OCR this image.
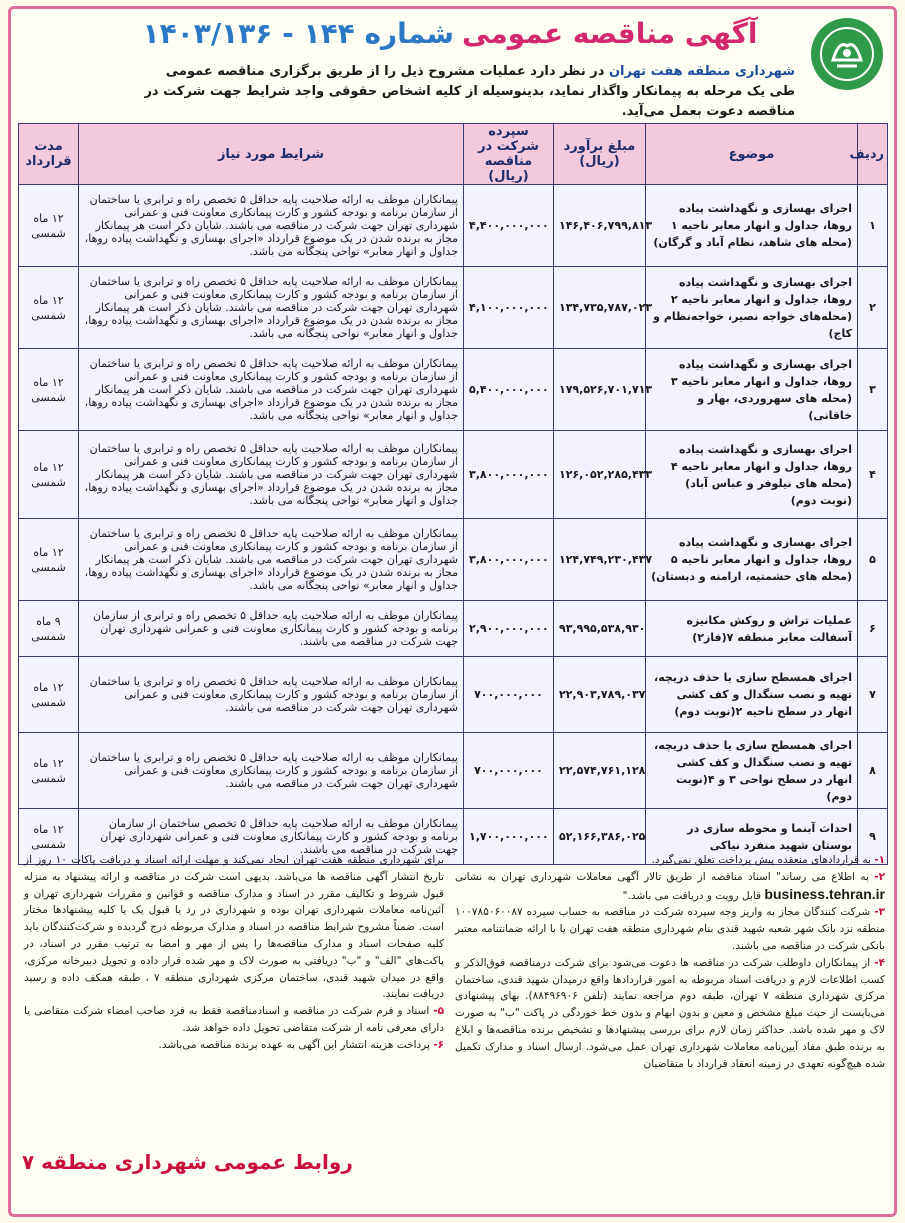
آگهی مناقصه عمومی
شماره ۱۴۴ - ۱۴۰۳/۱۳۶
شهرداری منطقه هفت تهران در نظر دارد عملیات مشروح ذیل را از طریق برگزاری مناقصه عمومی
طی یک مرحله به پیمانکار واگذار نماید، بدینوسیله از کلیه اشخاص حقوقی واجد شرایط جهت شرکت در مناقصه دعوت بعمل می‌آید.
ردیف	موضوع	مبلغ برآورد (ریال)	سپرده شرکت در مناقصه (ریال)	شرایط مورد نیاز	مدت قرارداد
۱	اجرای بهسازی و نگهداشت پیاده روها، جداول و انهار معابر ناحیه ۱ (محله های شاهد، نظام آباد و گرگان)	۱۴۶,۴۰۶,۷۹۹,۸۱۳	۴,۴۰۰,۰۰۰,۰۰۰	پیمانکاران موظف به ارائه صلاحیت پایه حداقل ۵ تخصص راه و ترابری یا ساختمان از سازمان برنامه و بودجه کشور و کارت پیمانکاری معاونت فنی و عمرانی شهرداری تهران جهت شرکت در مناقصه می باشند. شایان ذکر است هر پیمانکار مجاز به برنده شدن در یک موضوع قرارداد «اجرای بهسازی و نگهداشت پیاده روها، جداول و انهار معابر» نواحی پنجگانه می باشد.	۱۲ ماه شمسی
۲	اجرای بهسازی و نگهداشت پیاده روها، جداول و انهار معابر ناحیه ۲ (محله‌های خواجه نصیر، خواجه‌نظام و کاج)	۱۳۴,۷۳۵,۷۸۷,۰۲۳	۴,۱۰۰,۰۰۰,۰۰۰	پیمانکاران موظف به ارائه صلاحیت پایه حداقل ۵ تخصص راه و ترابری یا ساختمان از سازمان برنامه و بودجه کشور و کارت پیمانکاری معاونت فنی و عمرانی شهرداری تهران جهت شرکت در مناقصه می باشند. شایان ذکر است هر پیمانکار مجاز به برنده شدن در یک موضوع قرارداد «اجرای بهسازی و نگهداشت پیاده روها، جداول و انهار معابر» نواحی پنجگانه می باشد.	۱۲ ماه شمسی
۳	اجرای بهسازی و نگهداشت پیاده روها، جداول و انهار معابر ناحیه ۳ (محله های سهروردی، بهار و خاقانی)	۱۷۹,۵۲۶,۷۰۱,۷۱۳	۵,۴۰۰,۰۰۰,۰۰۰	پیمانکاران موظف به ارائه صلاحیت پایه حداقل ۵ تخصص راه و ترابری یا ساختمان از سازمان برنامه و بودجه کشور و کارت پیمانکاری معاونت فنی و عمرانی شهرداری تهران جهت شرکت در مناقصه می باشند. شایان ذکر است هر پیمانکار مجاز به برنده شدن در یک موضوع قرارداد «اجرای بهسازی و نگهداشت پیاده روها، جداول و انهار معابر» نواحی پنجگانه می باشد.	۱۲ ماه شمسی
۴	اجرای بهسازی و نگهداشت پیاده روها، جداول و انهار معابر ناحیه ۴ (محله های نیلوفر و عباس آباد) (نوبت دوم)	۱۲۶,۰۵۲,۲۸۵,۴۳۳	۳,۸۰۰,۰۰۰,۰۰۰	پیمانکاران موظف به ارائه صلاحیت پایه حداقل ۵ تخصص راه و ترابری یا ساختمان از سازمان برنامه و بودجه کشور و کارت پیمانکاری معاونت فنی و عمرانی شهرداری تهران جهت شرکت در مناقصه می باشند. شایان ذکر است هر پیمانکار مجاز به برنده شدن در یک موضوع قرارداد «اجرای بهسازی و نگهداشت پیاده روها، جداول و انهار معابر» نواحی پنجگانه می باشد.	۱۲ ماه شمسی
۵	اجرای بهسازی و نگهداشت پیاده روها، جداول و انهار معابر ناحیه ۵ (محله های حشمتیه، ارامنه و دبستان)	۱۲۴,۷۴۹,۲۳۰,۴۳۷	۳,۸۰۰,۰۰۰,۰۰۰	پیمانکاران موظف به ارائه صلاحیت پایه حداقل ۵ تخصص راه و ترابری یا ساختمان از سازمان برنامه و بودجه کشور و کارت پیمانکاری معاونت فنی و عمرانی شهرداری تهران جهت شرکت در مناقصه می باشند. شایان ذکر است هر پیمانکار مجاز به برنده شدن در یک موضوع قرارداد «اجرای بهسازی و نگهداشت پیاده روها، جداول و انهار معابر» نواحی پنجگانه می باشد.	۱۲ ماه شمسی
۶	عملیات تراش و روکش مکانیزه آسفالت معابر منطقه ۷(فاز۲)	۹۳,۹۹۵,۵۳۸,۹۳۰	۲,۹۰۰,۰۰۰,۰۰۰	پیمانکاران موظف به ارائه صلاحیت پایه حداقل ۵ تخصص راه و ترابری از سازمان برنامه و بودجه کشور و کارت پیمانکاری معاونت فنی و عمرانی شهرداری تهران جهت شرکت در مناقصه می باشند.	۹ ماه شمسی
۷	اجرای همسطح سازی یا حذف دریچه، تهیه و نصب سنگدال و کف کشی انهار در سطح ناحیه ۲(نوبت دوم)	۲۲,۹۰۳,۷۸۹,۰۳۷	۷۰۰,۰۰۰,۰۰۰	پیمانکاران موظف به ارائه صلاحیت پایه حداقل ۵ تخصص راه و ترابری یا ساختمان از سازمان برنامه و بودجه کشور و کارت پیمانکاری معاونت فنی و عمرانی شهرداری تهران جهت شرکت در مناقصه می باشند.	۱۲ ماه شمسی
۸	اجرای همسطح سازی یا حذف دریچه، تهیه و نصب سنگدال و کف کشی انهار در سطح نواحی ۳ و ۴(نوبت دوم)	۲۲,۵۷۴,۷۶۱,۱۲۸	۷۰۰,۰۰۰,۰۰۰	پیمانکاران موظف به ارائه صلاحیت پایه حداقل ۵ تخصص راه و ترابری یا ساختمان از سازمان برنامه و بودجه کشور و کارت پیمانکاری معاونت فنی و عمرانی شهرداری تهران جهت شرکت در مناقصه می باشند.	۱۲ ماه شمسی
۹	احداث آبنما و محوطه سازی در بوستان شهید منفرد نیاکی	۵۲,۱۶۶,۳۸۶,۰۲۵	۱,۷۰۰,۰۰۰,۰۰۰	پیمانکاران موظف به ارائه صلاحیت پایه حداقل ۵ تخصص ساختمان از سازمان برنامه و بودجه کشور و کارت پیمانکاری معاونت فنی و عمرانی شهرداری تهران جهت شرکت در مناقصه می باشند.	۱۲ ماه شمسی
۱- به قراردادهای منعقده پیش پرداخت تعلق نمی‌گیرد.
۲- به اطلاع می رساند" اسناد مناقصه از طریق تالار آگهی معاملات شهرداری تهران به نشانی business.tehran.ir قابل رویت و دریافت می باشد."
۳- شرکت کنندگان مجاز به واریز وجه سپرده شرکت در مناقصه به حساب سپرده ۱۰۰۷۸۵۰۶۰۰۸۷ منطقه نزد بانک شهر شعبه شهید قندی بنام شهرداری منطقه هفت تهران یا با ارائه ضمانتنامه معتبر بانکی شرکت در مناقصه می باشند.
۴- از پیمانکاران داوطلب شرکت در مناقصه ها دعوت می‌شود برای شرکت درمناقصه فوق‌الذکر و کسب اطلاعات لازم و دریافت اسناد مربوطه به امور قراردادها واقع درمیدان شهید قندی، ساختمان مرکزی شهرداری منطقه ۷ تهران، طبقه دوم مراجعه نمایند (تلفن ۸۸۴۹۶۹۰۶). بهای پیشنهادی می‌بایست از حیث مبلغ مشخص و معین و بدون ابهام و بدون خط خوردگی در پاکت "ب" به صورت لاک و مهر شده باشد. حداکثر زمان لازم برای بررسی پیشنهادها و تشخیص برنده مناقصه‌ها و ابلاغ به برنده طبق مفاد آیین‌نامه معاملات شهرداری تهران عمل می‌شود. ارسال اسناد و مدارک تکمیل شده هیچ‌گونه تعهدی در زمینه انعقاد قرارداد با متقاضیان
برای شهرداری منطقه هفت تهران ایجاد نمی‌کند و مهلت ارائه اسناد و دریافت پاکات ۱۰ روز از تاریخ انتشار آگهی مناقصه ها می‌باشد. بدیهی است شرکت در مناقصه و ارائه پیشنهاد به منزله قبول شروط و تکالیف مقرر در اسناد و مدارک مناقصه و قوانین و مقررات شهرداری تهران و آئین‌نامه معاملات شهرداری تهران بوده و شهرداری در رد یا قبول یک یا کلیه پیشنهادها مختار است. ضمناً مشروح شرایط مناقصه در اسناد و مدارک مربوطه درج گردیده و شرکت‌کنندگان باید کلیه صفحات اسناد و مدارک مناقصه‌ها را پس از مهر و امضا به ترتیب مقرر در اسناد، در پاکت‌های "الف" و "ب" دریافتی به صورت لاک و مهر شده قرار داده و تحویل دبیرخانه مرکزی، واقع در میدان شهید قندی، ساختمان مرکزی شهرداری منطقه ۷ ، طبقه همکف داده و رسید دریافت نمایند.
۵- اسناد و فرم شرکت در مناقصه و اسنادمناقصه فقط به فرد صاحب امضاء شرکت متقاضی یا دارای معرفی نامه از شرکت متقاضی تحویل داده خواهد شد.
۶- پرداخت هزینه انتشار این آگهی به عهده برنده مناقصه می‌باشد.
روابط عمومی شهرداری منطقه ۷
